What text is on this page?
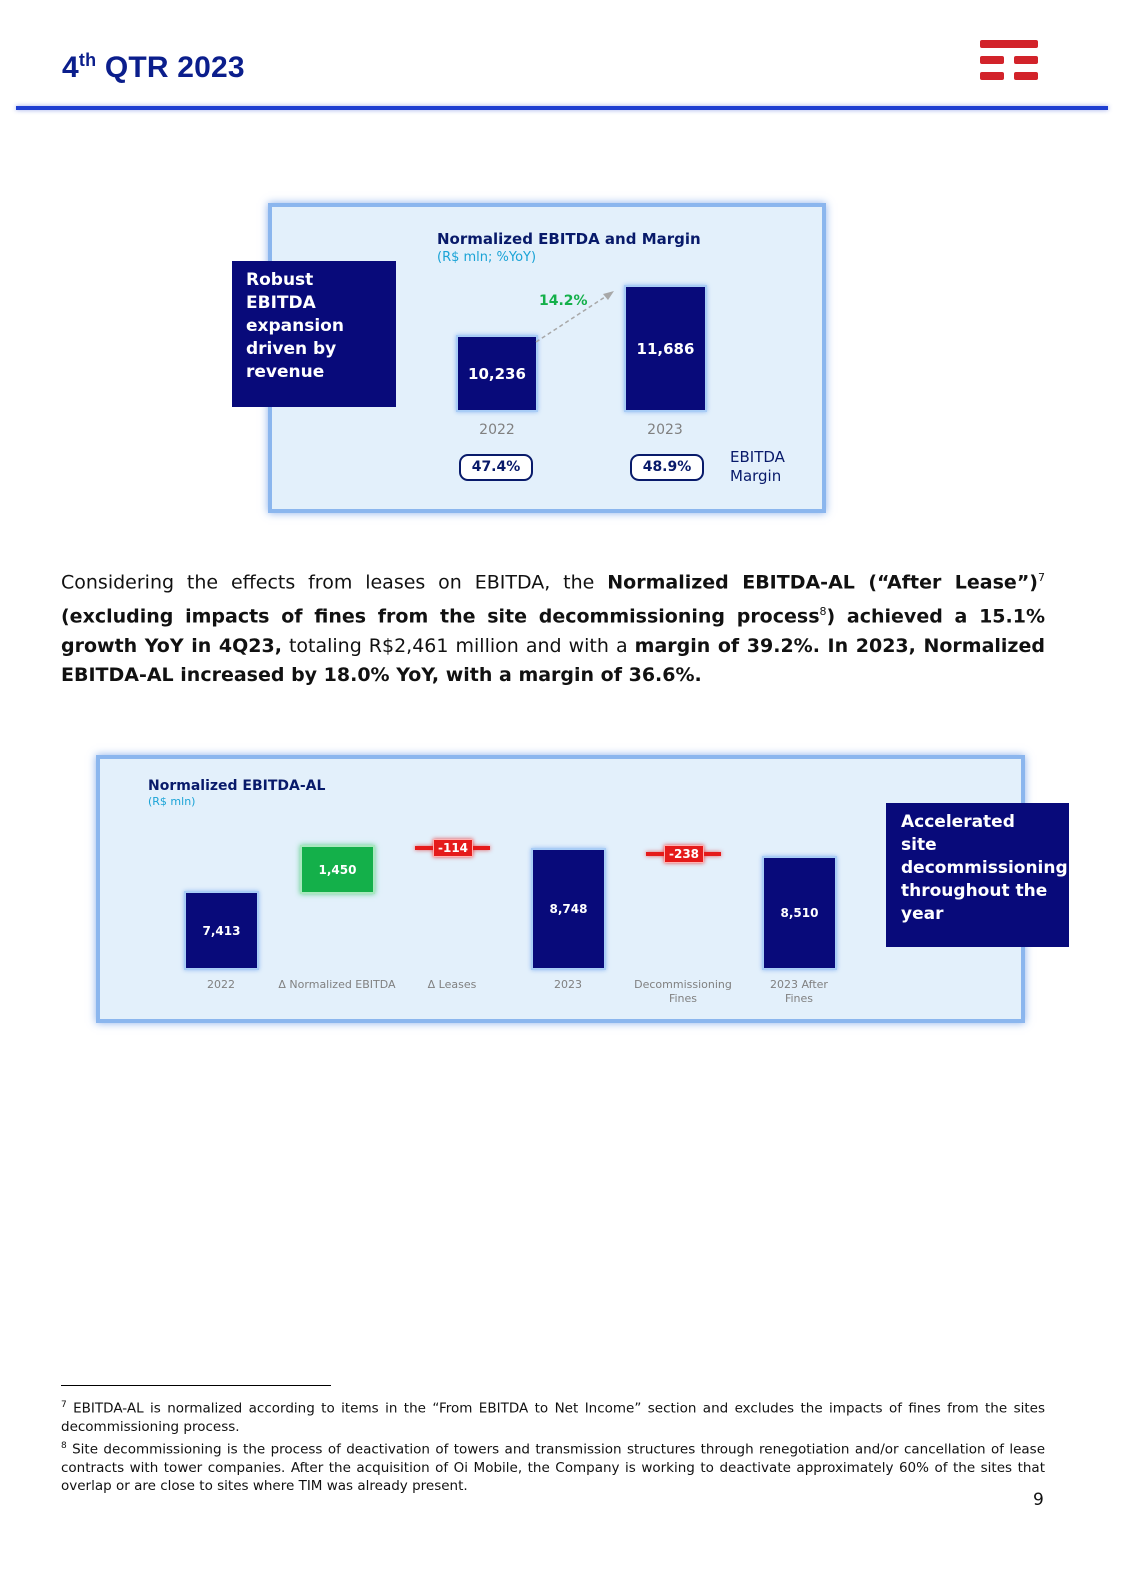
4th QTR 2023
Robust EBITDA expansion driven by revenue
Normalized EBITDA and Margin
(R$ mln; %YoY)
10,236
11,686
14.2%
2022	2023
47.4%	48.9%
EBITDA Margin
Considering the effects from leases on EBITDA, the Normalized EBITDA-AL (“After Lease”)$^7$ (excluding impacts of fines from the site decommissioning process$^8$) achieved a 15.1% growth YoY in 4Q23, totaling R$2,461 million and with a margin of 39.2%. In 2023, Normalized EBITDA-AL increased by 18.0% YoY, with a margin of 36.6%.
Normalized EBITDA-AL
(R$ mln)
Accelerated site decommissioning throughout the year
7,413
1,450
-114
8,748
-238
8,510
2022	Δ Normalized EBITDA	Δ Leases	2023	Decommissioning Fines
2023 After Fines
$^7$ EBITDA-AL is normalized according to items in the “From EBITDA to Net Income” section and excludes the impacts of fines from the sites decommissioning process.
$^8$ Site decommissioning is the process of deactivation of towers and transmission structures through renegotiation and/or cancellation of lease contracts with tower companies. After the acquisition of Oi Mobile, the Company is working to deactivate approximately 60% of the sites that overlap or are close to sites where TIM was already present.
9
